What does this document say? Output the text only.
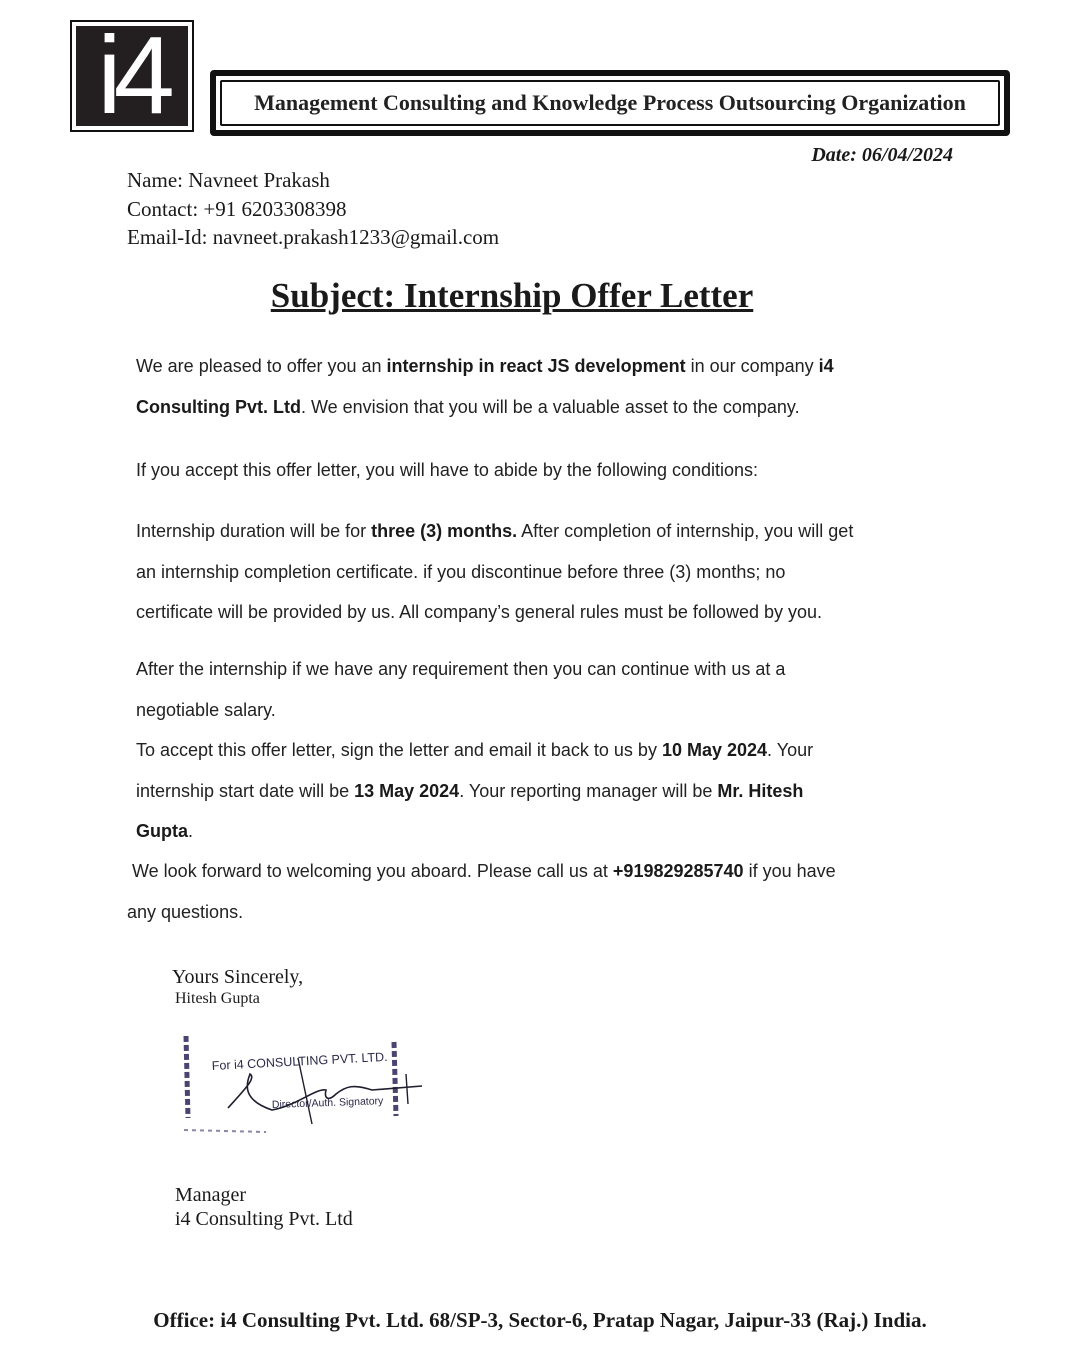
i4	Management Consulting and Knowledge Process Outsourcing Organization
Date: 06/04/2024
Name: Navneet Prakash
Contact: +91 6203308398
Email-Id: navneet.prakash1233@gmail.com
Subject: Internship Offer Letter
We are pleased to offer you an internship in react JS development in our company i4
Consulting Pvt. Ltd. We envision that you will be a valuable asset to the company.
If you accept this offer letter, you will have to abide by the following conditions:
Internship duration will be for three (3) months. After completion of internship, you will get
an internship completion certificate. if you discontinue before three (3) months; no
certificate will be provided by us. All company’s general rules must be followed by you.
After the internship if we have any requirement then you can continue with us at a
negotiable salary.
To accept this offer letter, sign the letter and email it back to us by 10 May 2024. Your
internship start date will be 13 May 2024. Your reporting manager will be Mr. Hitesh
Gupta.
We look forward to welcoming you aboard. Please call us at +919829285740 if you have
any questions.
Yours Sincerely,
Hitesh Gupta
For i4 CONSULTING PVT. LTD.
Director/Auth. Signatory
Manager
i4 Consulting Pvt. Ltd
Office: i4 Consulting Pvt. Ltd. 68/SP-3, Sector-6, Pratap Nagar, Jaipur-33 (Raj.) India.
